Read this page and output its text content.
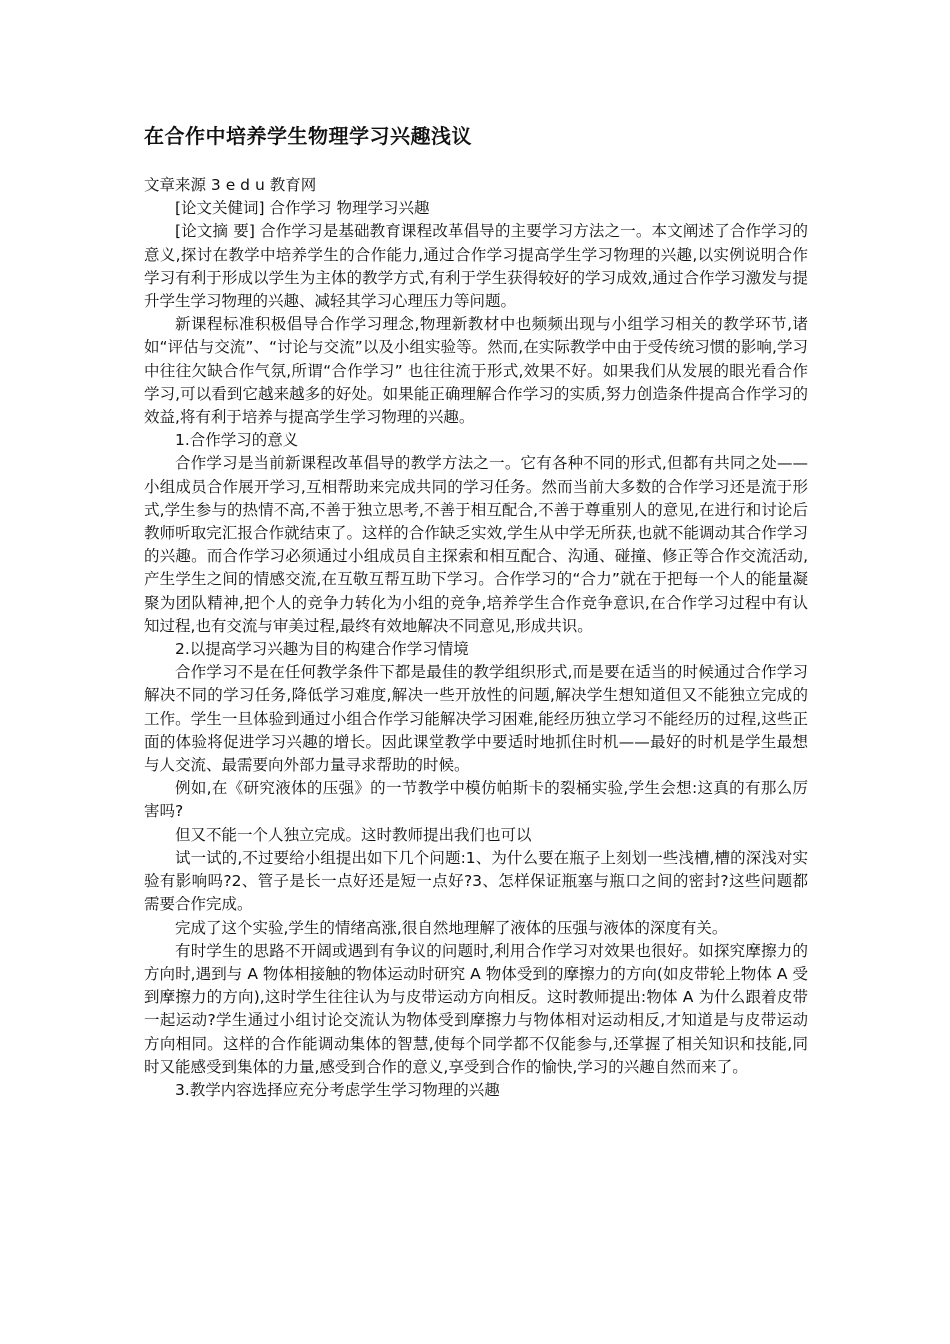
在合作中培养学生物理学习兴趣浅议

文章来源 3 e d u 教育网

[论文关健词] 合作学习 物理学习兴趣

[论文摘 要] 合作学习是基础教育课程改革倡导的主要学习方法之一。本文阐述了合作学习的意义,探讨在教学中培养学生的合作能力,通过合作学习提高学生学习物理的兴趣,以实例说明合作学习有利于形成以学生为主体的教学方式,有利于学生获得较好的学习成效,通过合作学习激发与提升学生学习物理的兴趣、减轻其学习心理压力等问题。

新课程标准积极倡导合作学习理念,物理新教材中也频频出现与小组学习相关的教学环节,诸如“评估与交流”、“讨论与交流”以及小组实验等。然而,在实际教学中由于受传统习惯的影响,学习中往往欠缺合作气氛,所谓“合作学习” 也往往流于形式,效果不好。如果我们从发展的眼光看合作学习,可以看到它越来越多的好处。如果能正确理解合作学习的实质,努力创造条件提高合作学习的效益,将有利于培养与提高学生学习物理的兴趣。

1.合作学习的意义

合作学习是当前新课程改革倡导的教学方法之一。它有各种不同的形式,但都有共同之处——小组成员合作展开学习,互相帮助来完成共同的学习任务。然而当前大多数的合作学习还是流于形式,学生参与的热情不高,不善于独立思考,不善于相互配合,不善于尊重别人的意见,在进行和讨论后教师听取完汇报合作就结束了。这样的合作缺乏实效,学生从中学无所获,也就不能调动其合作学习的兴趣。而合作学习必须通过小组成员自主探索和相互配合、沟通、碰撞、修正等合作交流活动,产生学生之间的情感交流,在互敬互帮互助下学习。合作学习的“合力”就在于把每一个人的能量凝聚为团队精神,把个人的竞争力转化为小组的竞争,培养学生合作竞争意识,在合作学习过程中有认知过程,也有交流与审美过程,最终有效地解决不同意见,形成共识。

2.以提高学习兴趣为目的构建合作学习情境

合作学习不是在任何教学条件下都是最佳的教学组织形式,而是要在适当的时候通过合作学习解决不同的学习任务,降低学习难度,解决一些开放性的问题,解决学生想知道但又不能独立完成的工作。学生一旦体验到通过小组合作学习能解决学习困难,能经历独立学习不能经历的过程,这些正面的体验将促进学习兴趣的增长。因此课堂教学中要适时地抓住时机——最好的时机是学生最想与人交流、最需要向外部力量寻求帮助的时候。

例如,在《研究液体的压强》的一节教学中模仿帕斯卡的裂桶实验,学生会想:这真的有那么厉害吗?

但又不能一个人独立完成。这时教师提出我们也可以

试一试的,不过要给小组提出如下几个问题:1、为什么要在瓶子上刻划一些浅槽,槽的深浅对实验有影响吗?2、管子是长一点好还是短一点好?3、怎样保证瓶塞与瓶口之间的密封?这些问题都需要合作完成。

完成了这个实验,学生的情绪高涨,很自然地理解了液体的压强与液体的深度有关。

有时学生的思路不开阔或遇到有争议的问题时,利用合作学习对效果也很好。如探究摩擦力的方向时,遇到与 A 物体相接触的物体运动时研究 A 物体受到的摩擦力的方向(如皮带轮上物体 A 受到摩擦力的方向),这时学生往往认为与皮带运动方向相反。这时教师提出:物体 A 为什么跟着皮带一起运动?学生通过小组讨论交流认为物体受到摩擦力与物体相对运动相反,才知道是与皮带运动方向相同。这样的合作能调动集体的智慧,使每个同学都不仅能参与,还掌握了相关知识和技能,同时又能感受到集体的力量,感受到合作的意义,享受到合作的愉快,学习的兴趣自然而来了。

3.教学内容选择应充分考虑学生学习物理的兴趣
